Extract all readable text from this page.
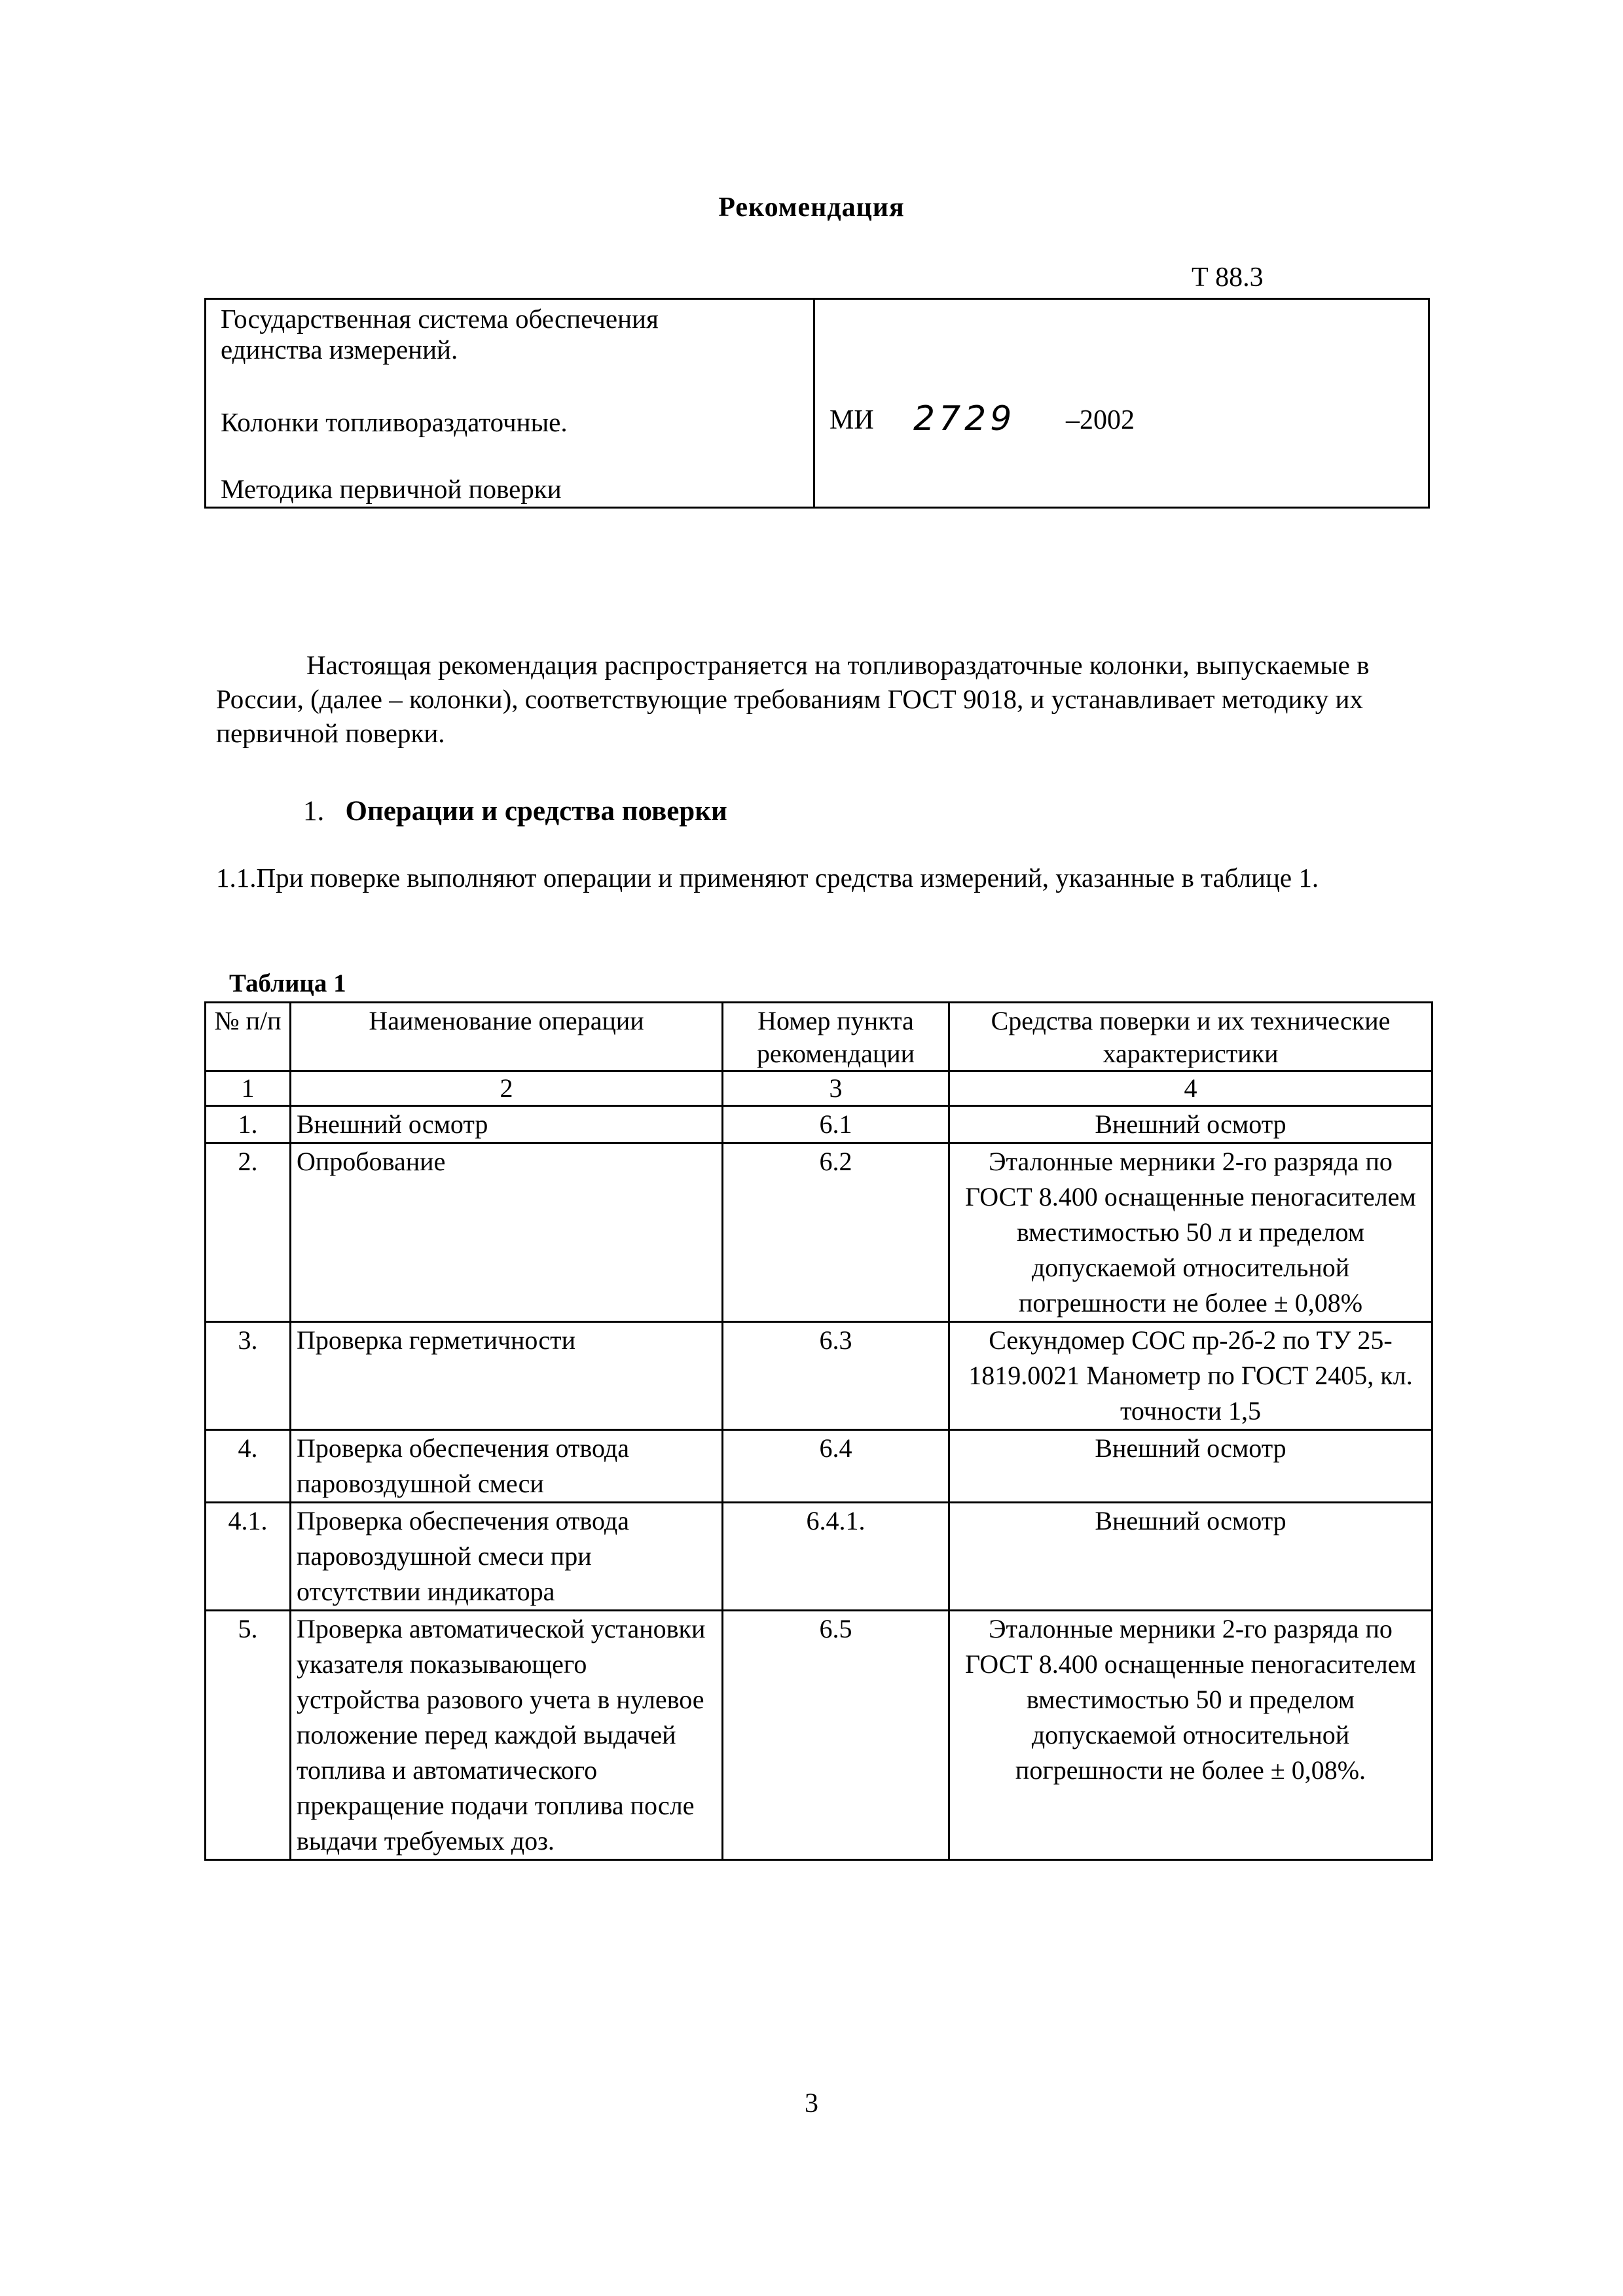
Рекомендация
Т 88.3
Государственная система обеспечения
единства измерений.
Колонки топливораздаточные.
Методика первичной поверки
МИ 2729 –2002
Настоящая рекомендация распространяется на топливораздаточные колонки, выпускаемые в России, (далее – колонки), соответствующие требованиям ГОСТ 9018, и устанавливает методику их первичной поверки.
1. Операции и средства поверки
1.1.При поверке выполняют операции и применяют средства измерений, указанные в таблице 1.
Таблица 1
№ п/п	Наименование операции	Номер пункта рекомендации	Средства поверки и их технические характеристики
1	2	3	4
1.	Внешний осмотр	6.1	Внешний осмотр
2.	Опробование	6.2	Эталонные мерники 2-го разряда по ГОСТ 8.400 оснащенные пеногасителем вместимостью 50 л и пределом допускаемой относительной погрешности не более ± 0,08%
3.	Проверка герметичности	6.3	Секундомер СОС пр-2б-2 по ТУ 25-1819.0021 Манометр по ГОСТ 2405, кл. точности 1,5
4.	Проверка обеспечения отвода паровоздушной смеси	6.4	Внешний осмотр
4.1.	Проверка обеспечения отвода паровоздушной смеси при отсутствии индикатора	6.4.1.	Внешний осмотр
5.	Проверка автоматической установки указателя показывающего устройства разового учета в нулевое положение перед каждой выдачей топлива и автоматического прекращение подачи топлива после выдачи требуемых доз.	6.5	Эталонные мерники 2-го разряда по ГОСТ 8.400 оснащенные пеногасителем вместимостью 50 и пределом допускаемой относительной погрешности не более ± 0,08%.
3
